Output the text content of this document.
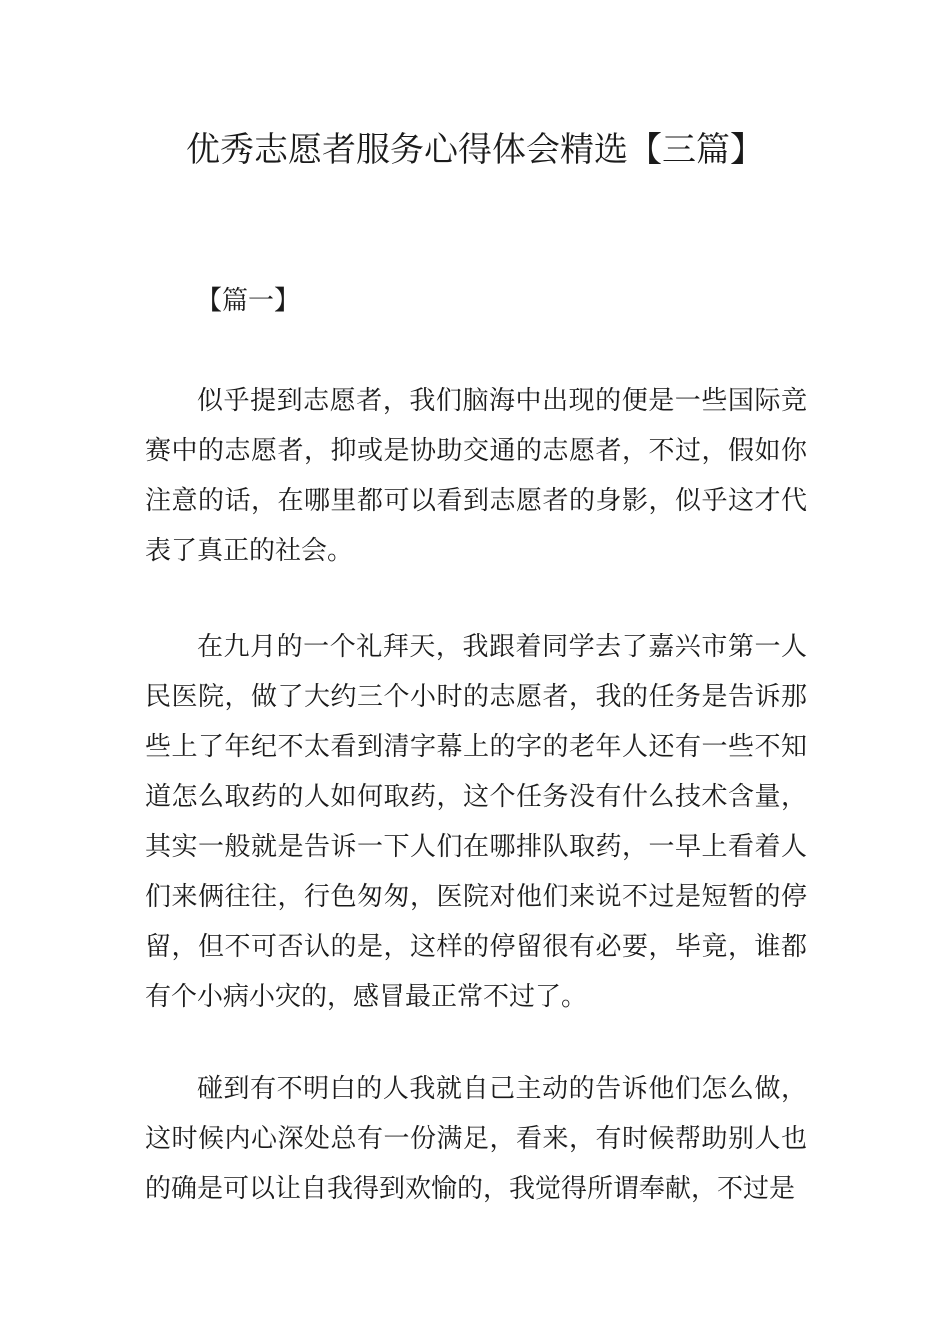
优秀志愿者服务心得体会精选【三篇】
【篇一】

似乎提到志愿者，我们脑海中出现的便是一些国际竞赛中的志愿者，抑或是协助交通的志愿者，不过，假如你注意的话，在哪里都可以看到志愿者的身影，似乎这才代表了真正的社会。

在九月的一个礼拜天，我跟着同学去了嘉兴市第一人民医院，做了大约三个小时的志愿者，我的任务是告诉那些上了年纪不太看到清字幕上的字的老年人还有一些不知道怎么取药的人如何取药，这个任务没有什么技术含量，其实一般就是告诉一下人们在哪排队取药，一早上看着人们来俩往往，行色匆匆，医院对他们来说不过是短暂的停留，但不可否认的是，这样的停留很有必要，毕竟，谁都有个小病小灾的，感冒最正常不过了。

碰到有不明白的人我就自己主动的告诉他们怎么做，这时候内心深处总有一份满足，看来，有时候帮助别人也的确是可以让自我得到欢愉的，我觉得所谓奉献，不过是
